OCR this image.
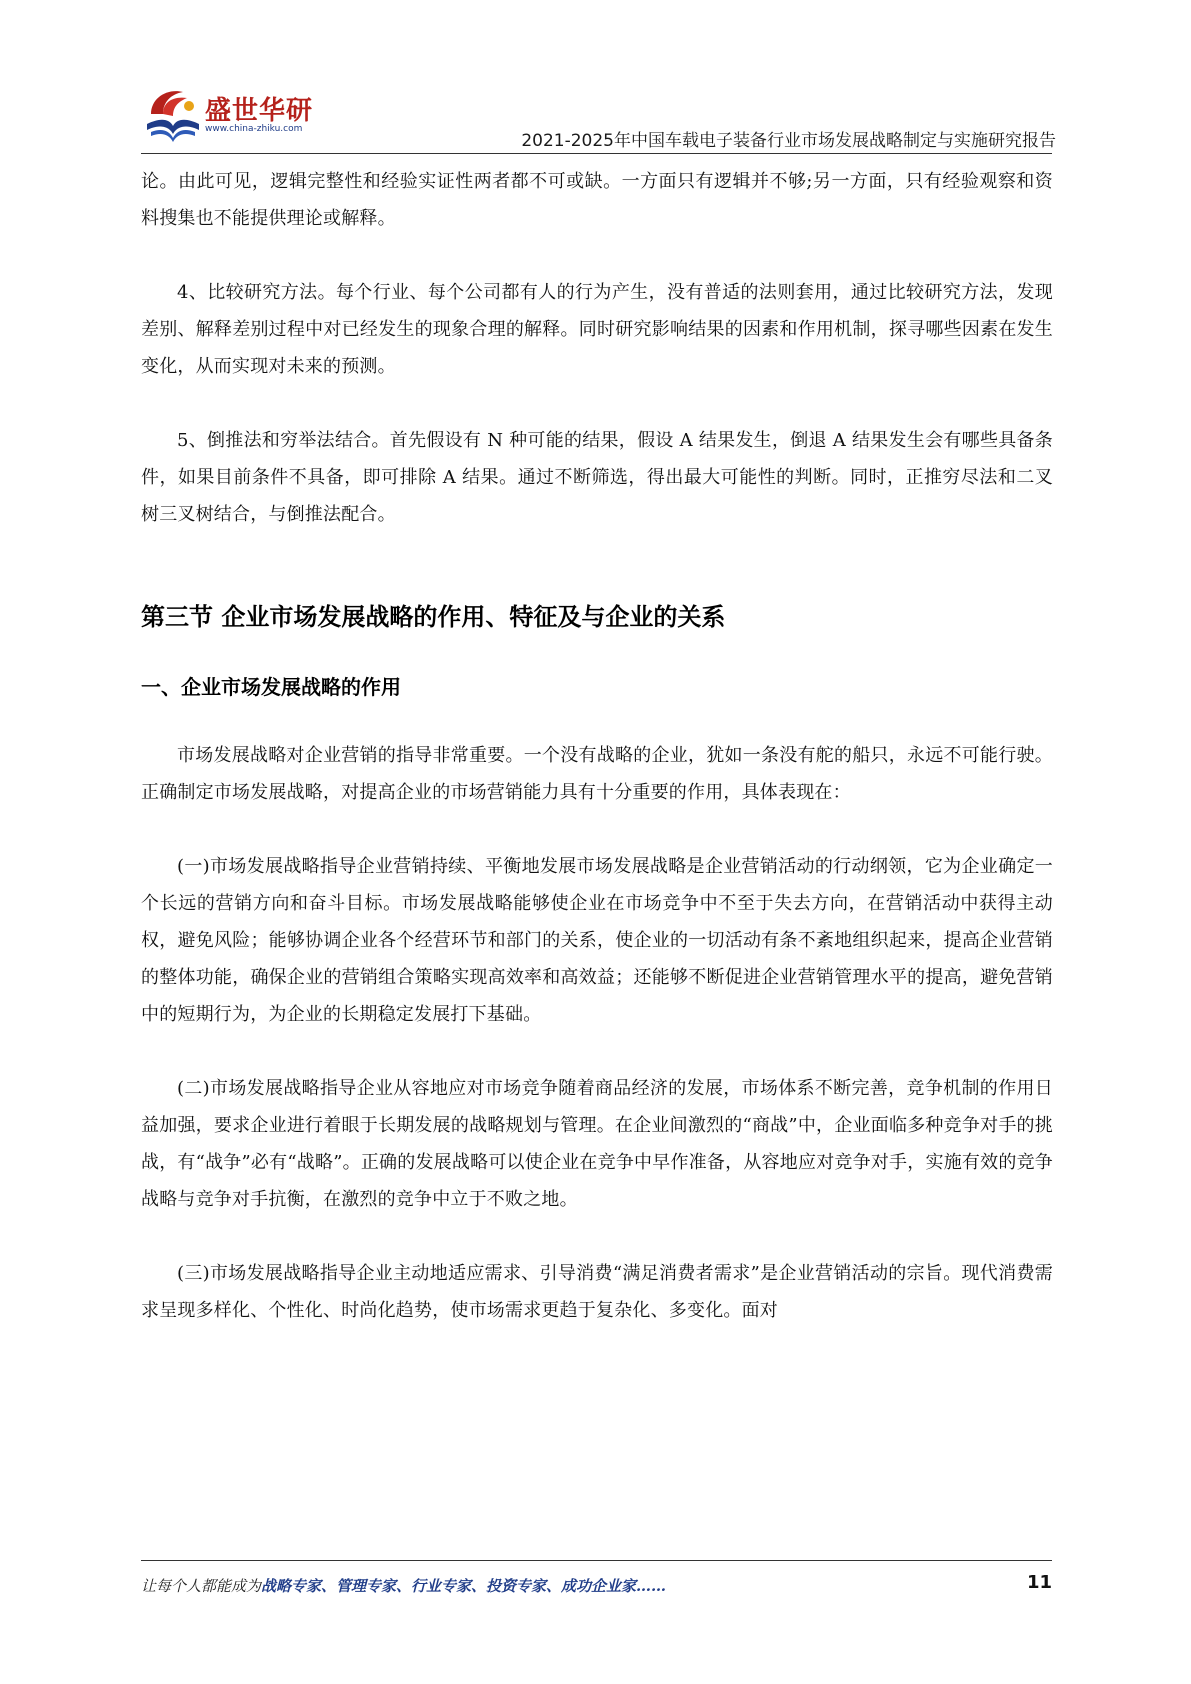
盛世华研
www.china-zhiku.com
2021-2025年中国车载电子装备行业市场发展战略制定与实施研究报告

论。由此可见，逻辑完整性和经验实证性两者都不可或缺。一方面只有逻辑并不够;另一方面，只有经验观察和资料搜集也不能提供理论或解释。

4、比较研究方法。每个行业、每个公司都有人的行为产生，没有普适的法则套用，通过比较研究方法，发现差别、解释差别过程中对已经发生的现象合理的解释。同时研究影响结果的因素和作用机制，探寻哪些因素在发生变化，从而实现对未来的预测。

5、倒推法和穷举法结合。首先假设有 N 种可能的结果，假设 A 结果发生，倒退 A 结果发生会有哪些具备条件，如果目前条件不具备，即可排除 A 结果。通过不断筛选，得出最大可能性的判断。同时，正推穷尽法和二叉树三叉树结合，与倒推法配合。

第三节 企业市场发展战略的作用、特征及与企业的关系
一、企业市场发展战略的作用

市场发展战略对企业营销的指导非常重要。一个没有战略的企业，犹如一条没有舵的船只，永远不可能行驶。正确制定市场发展战略，对提高企业的市场营销能力具有十分重要的作用，具体表现在：

(一)市场发展战略指导企业营销持续、平衡地发展市场发展战略是企业营销活动的行动纲领，它为企业确定一个长远的营销方向和奋斗目标。市场发展战略能够使企业在市场竞争中不至于失去方向，在营销活动中获得主动权，避免风险；能够协调企业各个经营环节和部门的关系，使企业的一切活动有条不紊地组织起来，提高企业营销的整体功能，确保企业的营销组合策略实现高效率和高效益；还能够不断促进企业营销管理水平的提高，避免营销中的短期行为，为企业的长期稳定发展打下基础。

(二)市场发展战略指导企业从容地应对市场竞争随着商品经济的发展，市场体系不断完善，竞争机制的作用日益加强，要求企业进行着眼于长期发展的战略规划与管理。在企业间激烈的“商战”中，企业面临多种竞争对手的挑战，有“战争”必有“战略”。正确的发展战略可以使企业在竞争中早作准备，从容地应对竞争对手，实施有效的竞争战略与竞争对手抗衡，在激烈的竞争中立于不败之地。

(三)市场发展战略指导企业主动地适应需求、引导消费“满足消费者需求”是企业营销活动的宗旨。现代消费需求呈现多样化、个性化、时尚化趋势，使市场需求更趋于复杂化、多变化。面对

让每个人都能成为战略专家、管理专家、行业专家、投资专家、成功企业家……	11
